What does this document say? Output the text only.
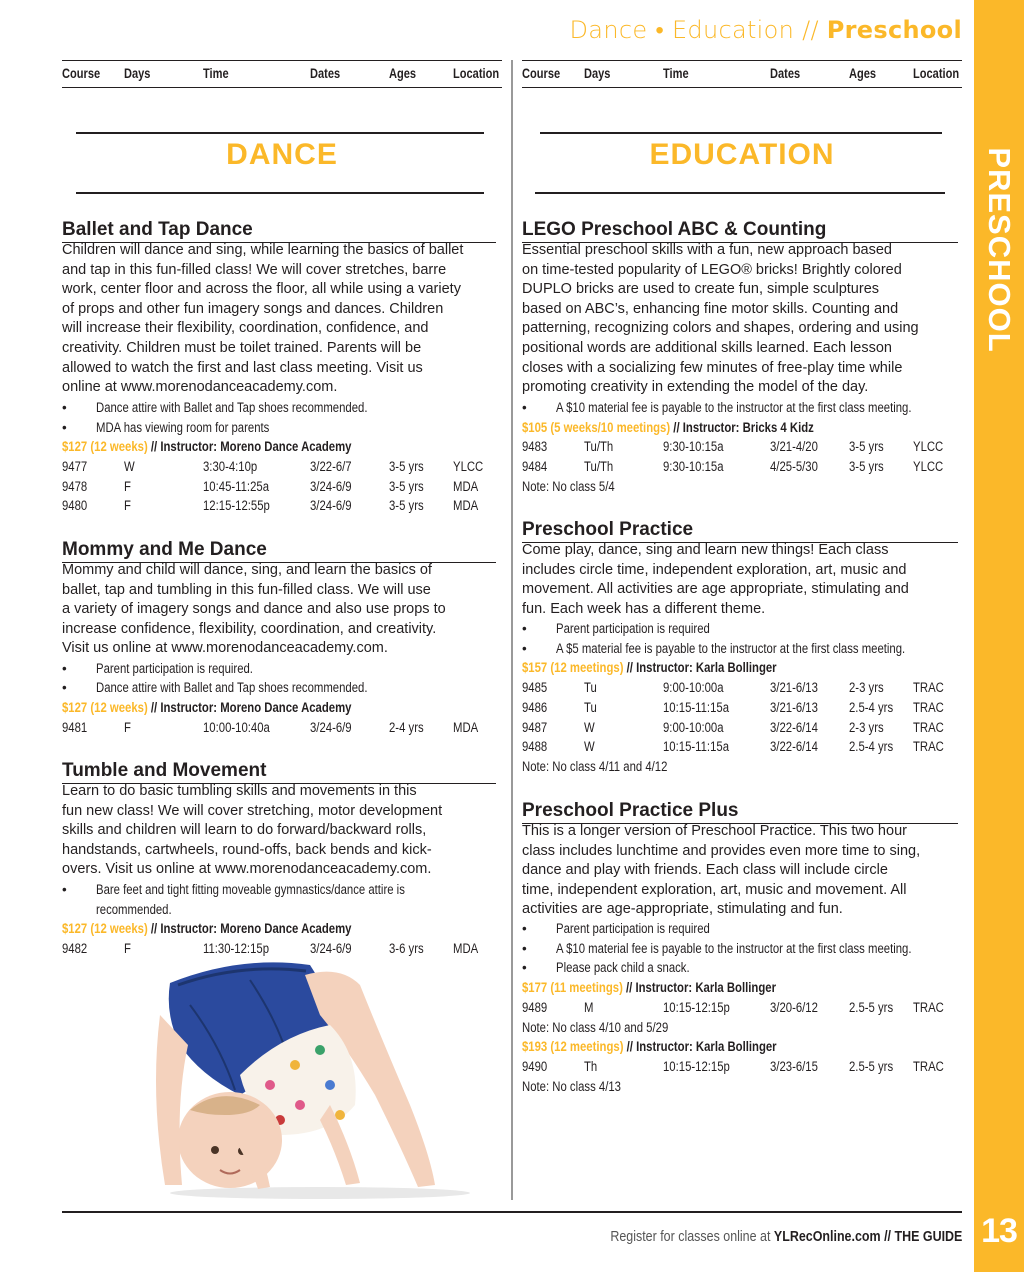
PRESCHOOL
13
Dance • Education // Preschool
Course Days	Time	Dates	Ages	Location Course Days	Time	Dates	Ages	Location
DANCE
Ballet and Tap Dance
Children will dance and sing, while learning the basics of ballet
and tap in this fun-filled class! We will cover stretches, barre
work, center floor and across the floor, all while using a variety
of props and other fun imagery songs and dances. Children
will increase their flexibility, coordination, confidence, and
creativity. Children must be toilet trained. Parents will be
allowed to watch the first and last class meeting. Visit us
online at www.morenodanceacademy.com.
• Dance attire with Ballet and Tap shoes recommended.
• MDA has viewing room for parents
$127 (12 weeks) // Instructor: Moreno Dance Academy
9477	W	3:30-4:10p	3/22-6/7	3-5 yrs YLCC
9478	F	10:45-11:25a	3/24-6/9	3-5 yrs MDA
9480	F	12:15-12:55p	3/24-6/9	3-5 yrs MDA
Mommy and Me Dance
Mommy and child will dance, sing, and learn the basics of
ballet, tap and tumbling in this fun-filled class. We will use
a variety of imagery songs and dance and also use props to
increase confidence, flexibility, coordination, and creativity.
Visit us online at www.morenodanceacademy.com.
• Parent participation is required.
• Dance attire with Ballet and Tap shoes recommended.
$127 (12 weeks) // Instructor: Moreno Dance Academy
9481	F	10:00-10:40a	3/24-6/9	2-4 yrs MDA
Tumble and Movement
Learn to do basic tumbling skills and movements in this
fun new class! We will cover stretching, motor development
skills and children will learn to do forward/backward rolls,
handstands, cartwheels, round-offs, back bends and kick-
overs. Visit us online at www.morenodanceacademy.com.
• Bare feet and tight fitting moveable gymnastics/dance attire is
recommended.
$127 (12 weeks) // Instructor: Moreno Dance Academy
9482	F	11:30-12:15p	3/24-6/9	3-6 yrs MDA
EDUCATION
LEGO Preschool ABC & Counting
Essential preschool skills with a fun, new approach based
on time-tested popularity of LEGO® bricks! Brightly colored
DUPLO bricks are used to create fun, simple sculptures
based on ABC’s, enhancing fine motor skills. Counting and
patterning, recognizing colors and shapes, ordering and using
positional words are additional skills learned. Each lesson
closes with a socializing few minutes of free-play time while
promoting creativity in extending the model of the day.
• A $10 material fee is payable to the instructor at the first class meeting.
$105 (5 weeks/10 meetings) // Instructor: Bricks 4 Kidz
9483	Tu/Th	9:30-10:15a	3/21-4/20 3-5 yrs YLCC
9484	Tu/Th	9:30-10:15a	4/25-5/30 3-5 yrs YLCC
Note: No class 5/4
Preschool Practice
Come play, dance, sing and learn new things! Each class
includes circle time, independent exploration, art, music and
movement. All activities are age appropriate, stimulating and
fun. Each week has a different theme.
• Parent participation is required
• A $5 material fee is payable to the instructor at the first class meeting.
$157 (12 meetings) // Instructor: Karla Bollinger
9485	Tu	9:00-10:00a	3/21-6/13 2-3 yrs TRAC
9486	Tu	10:15-11:15a	3/21-6/13 2.5-4 yrs TRAC
9487	W	9:00-10:00a	3/22-6/14 2-3 yrs TRAC
9488	W	10:15-11:15a	3/22-6/14 2.5-4 yrs TRAC
Note: No class 4/11 and 4/12
Preschool Practice Plus
This is a longer version of Preschool Practice. This two hour
class includes lunchtime and provides even more time to sing,
dance and play with friends. Each class will include circle
time, independent exploration, art, music and movement. All
activities are age-appropriate, stimulating and fun.
• Parent participation is required
• A $10 material fee is payable to the instructor at the first class meeting.
• Please pack child a snack.
$177 (11 meetings) // Instructor: Karla Bollinger
9489	M	10:15-12:15p	3/20-6/12 2.5-5 yrs TRAC
Note: No class 4/10 and 5/29
$193 (12 meetings) // Instructor: Karla Bollinger
9490	Th	10:15-12:15p	3/23-6/15 2.5-5 yrs TRAC
Note: No class 4/13
Register for classes online at YLRecOnline.com // THE GUIDE
